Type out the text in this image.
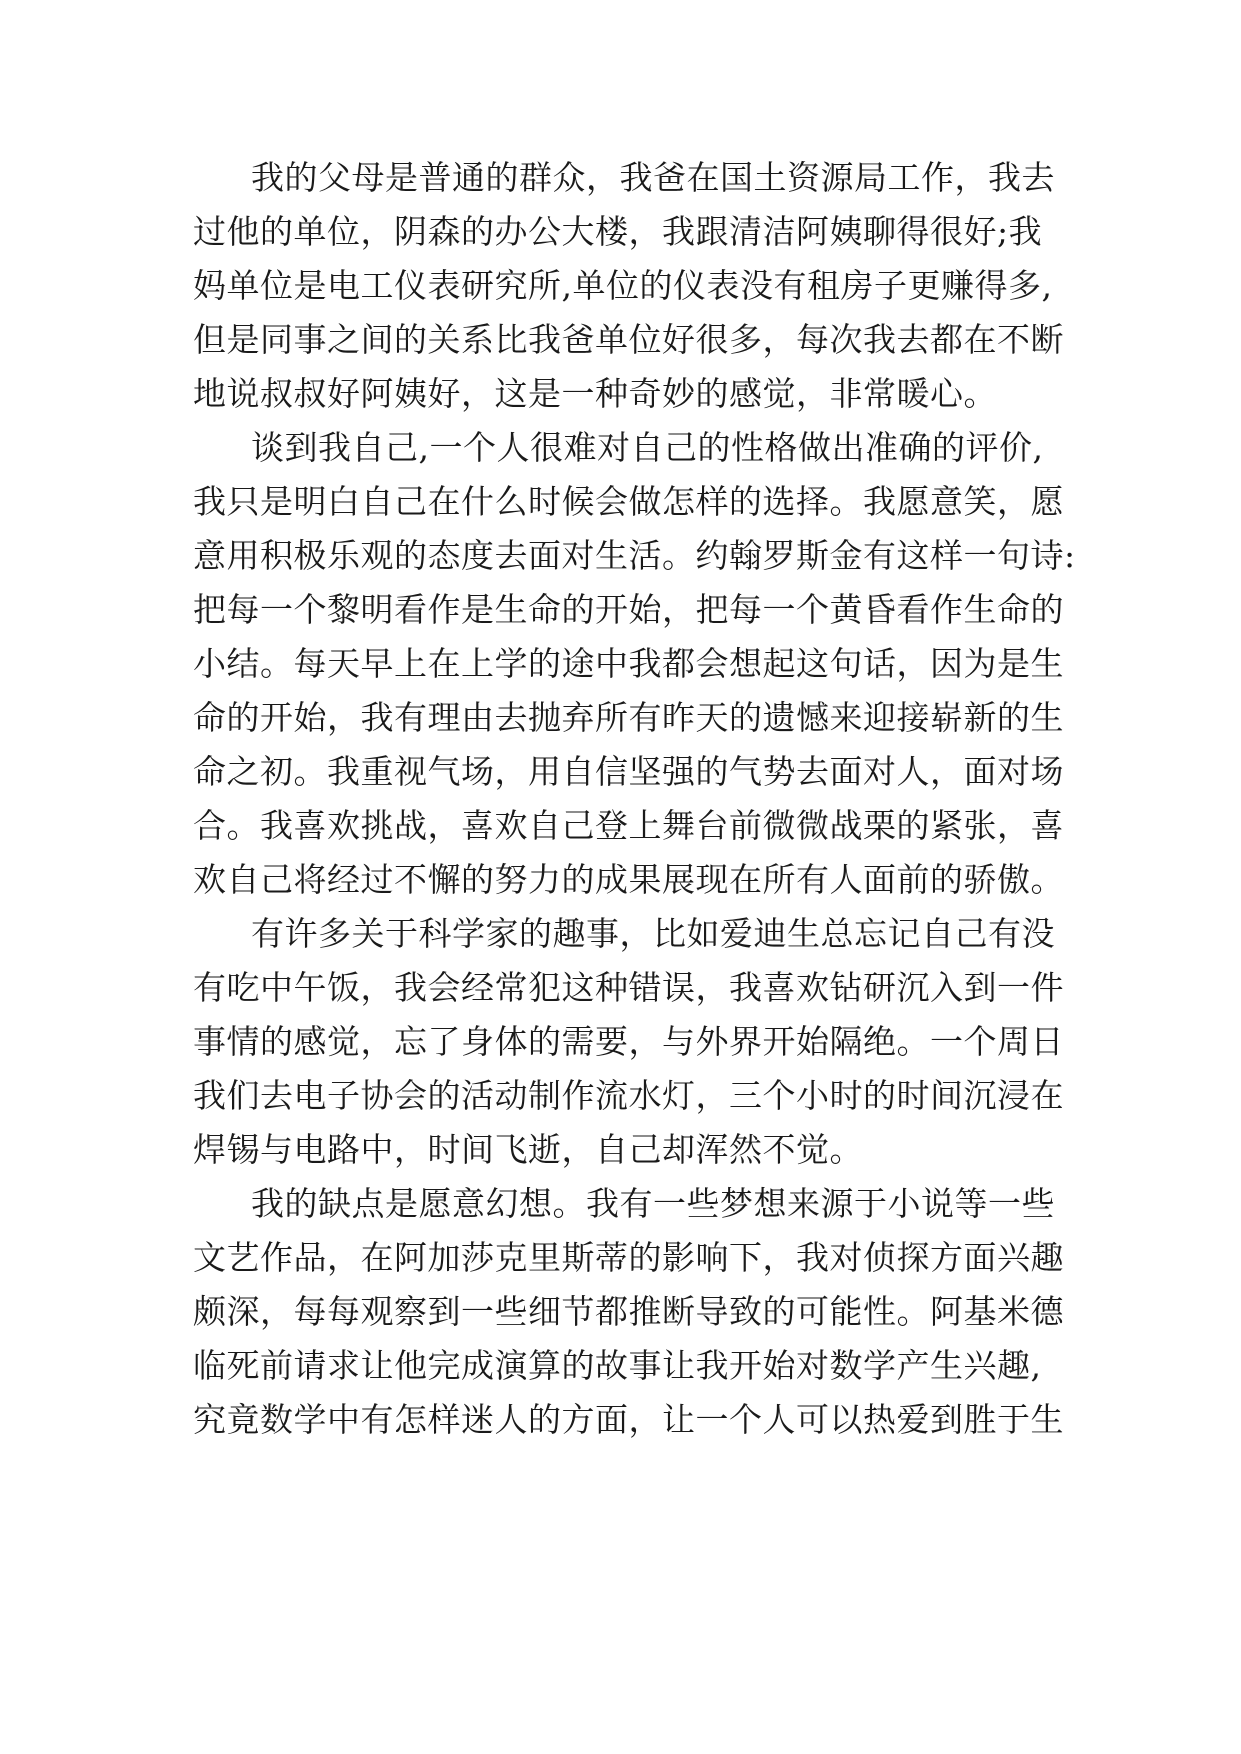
我的父母是普通的群众，我爸在国土资源局工作，我去
过他的单位，阴森的办公大楼，我跟清洁阿姨聊得很好;我
妈单位是电工仪表研究所,单位的仪表没有租房子更赚得多,
但是同事之间的关系比我爸单位好很多，每次我去都在不断
地说叔叔好阿姨好，这是一种奇妙的感觉，非常暖心。
谈到我自己,一个人很难对自己的性格做出准确的评价,
我只是明白自己在什么时候会做怎样的选择。我愿意笑，愿
意用积极乐观的态度去面对生活。约翰罗斯金有这样一句诗:
把每一个黎明看作是生命的开始，把每一个黄昏看作生命的
小结。每天早上在上学的途中我都会想起这句话，因为是生
命的开始，我有理由去抛弃所有昨天的遗憾来迎接崭新的生
命之初。我重视气场，用自信坚强的气势去面对人，面对场
合。我喜欢挑战，喜欢自己登上舞台前微微战栗的紧张，喜
欢自己将经过不懈的努力的成果展现在所有人面前的骄傲。
有许多关于科学家的趣事，比如爱迪生总忘记自己有没
有吃中午饭，我会经常犯这种错误，我喜欢钻研沉入到一件
事情的感觉，忘了身体的需要，与外界开始隔绝。一个周日
我们去电子协会的活动制作流水灯，三个小时的时间沉浸在
焊锡与电路中，时间飞逝，自己却浑然不觉。
我的缺点是愿意幻想。我有一些梦想来源于小说等一些
文艺作品，在阿加莎克里斯蒂的影响下，我对侦探方面兴趣
颇深，每每观察到一些细节都推断导致的可能性。阿基米德
临死前请求让他完成演算的故事让我开始对数学产生兴趣,
究竟数学中有怎样迷人的方面，让一个人可以热爱到胜于生
